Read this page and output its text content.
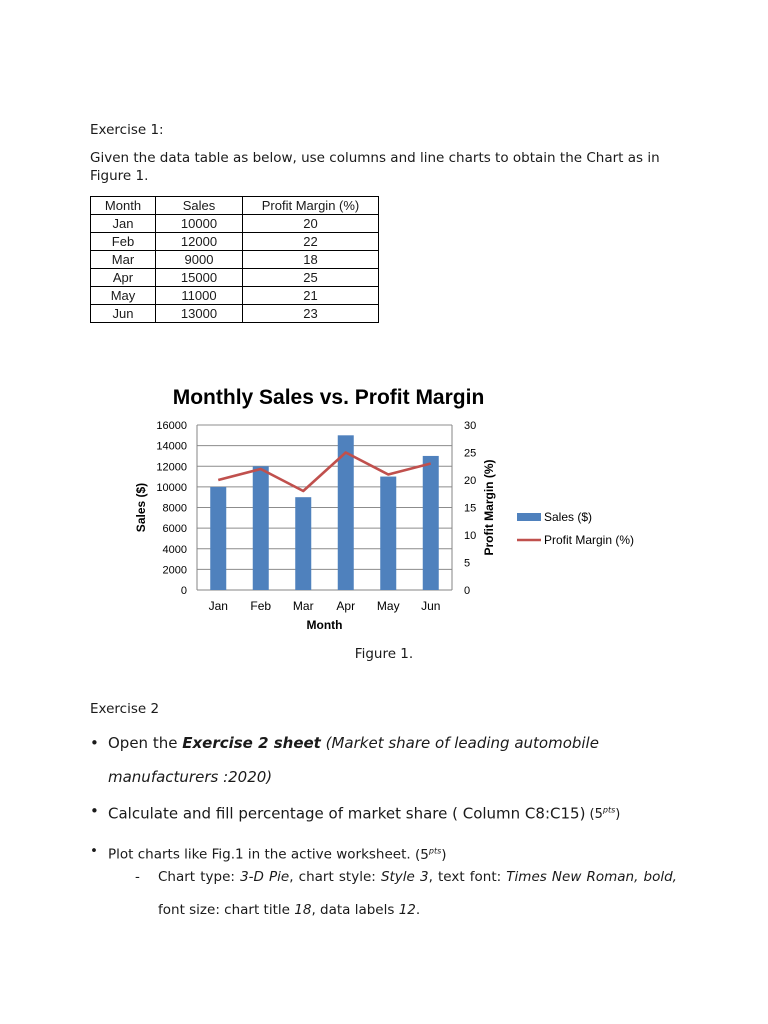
Exercise 1:

Given the data table as below, use columns and line charts to obtain the Chart as in Figure 1.

Month	Sales	Profit Margin (%)
Jan	10000	20
Feb	12000	22
Mar	9000	18
Apr	15000	25
May	11000	21
Jun	13000	23
Monthly Sales vs. Profit Margin
0
2000
4000
6000
8000
10000
12000
14000
16000
0
5
10
15
20
25
30
Jan Feb Mar Apr May Jun
Month
Sales ($)	Profit Margin (%)	Sales ($)
Profit Margin (%)

Figure 1.

Exercise 2

• Open the Exercise 2 sheet (Market share of leading automobile manufacturers :2020)
• Calculate and fill percentage of market share ( Column C8:C15) $(5^{pts})$
• Plot charts like Fig.1 in the active worksheet. $(5^{pts})$
- Chart type: 3-D Pie, chart style: Style 3, text font: Times New Roman, bold, font size: chart title 18, data labels 12.
